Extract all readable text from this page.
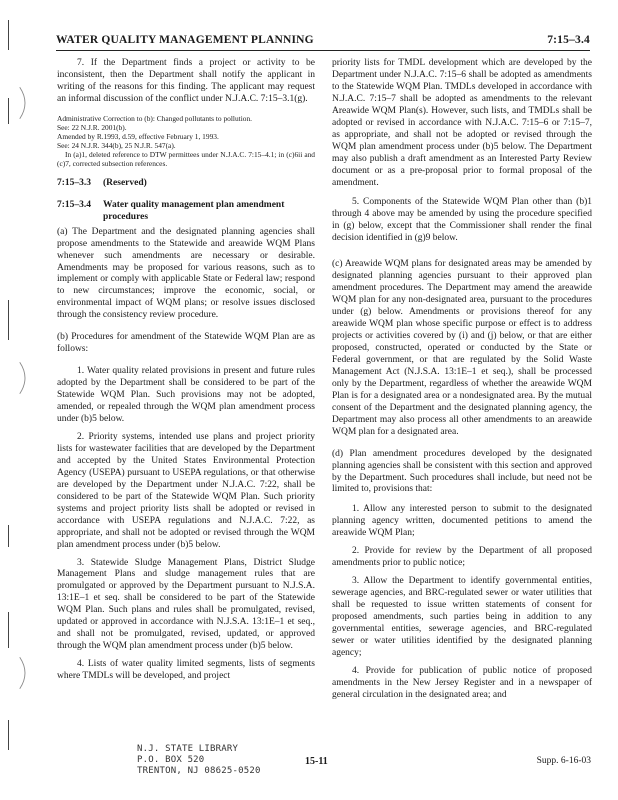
WATER QUALITY MANAGEMENT PLANNING	7:15–3.4

7. If the Department finds a project or activity to be inconsistent, then the Department shall notify the applicant in writing of the reasons for this finding. The applicant may request an informal discussion of the conflict under N.J.A.C. 7:15–3.1(g).

Administrative Correction to (b): Changed pollutants to pollution.

See: 22 N.J.R. 2001(b).

Amended by R.1993, d.59, effective February 1, 1993.

See: 24 N.J.R. 344(b), 25 N.J.R. 547(a).

In (a)1, deleted reference to DTW permittees under N.J.A.C. 7:15–4.1; in (c)6ii and (c)7, corrected subsection references.

7:15–3.3	(Reserved)
7:15–3.4	Water quality management plan amendment procedures

(a) The Department and the designated planning agencies shall propose amendments to the Statewide and areawide WQM Plans whenever such amendments are necessary or desirable. Amendments may be proposed for various reasons, such as to implement or comply with applicable State or Federal law; respond to new circumstances; improve the economic, social, or environmental impact of WQM plans; or resolve issues disclosed through the consistency review procedure.

(b) Procedures for amendment of the Statewide WQM Plan are as follows:

1. Water quality related provisions in present and future rules adopted by the Department shall be considered to be part of the Statewide WQM Plan. Such provisions may not be adopted, amended, or repealed through the WQM plan amendment process under (b)5 below.

2. Priority systems, intended use plans and project priority lists for wastewater facilities that are developed by the Department and accepted by the United States Environmental Protection Agency (USEPA) pursuant to USEPA regulations, or that otherwise are developed by the Department under N.J.A.C. 7:22, shall be considered to be part of the Statewide WQM Plan. Such priority systems and project priority lists shall be adopted or revised in accordance with USEPA regulations and N.J.A.C. 7:22, as appropriate, and shall not be adopted or revised through the WQM plan amendment process under (b)5 below.

3. Statewide Sludge Management Plans, District Sludge Management Plans and sludge management rules that are promulgated or approved by the Department pursuant to N.J.S.A. 13:1E–1 et seq. shall be considered to be part of the Statewide WQM Plan. Such plans and rules shall be promulgated, revised, updated or approved in accordance with N.J.S.A. 13:1E–1 et seq., and shall not be promulgated, revised, updated, or approved through the WQM plan amendment process under (b)5 below.

4. Lists of water quality limited segments, lists of segments where TMDLs will be developed, and project

priority lists for TMDL development which are developed by the Department under N.J.A.C. 7:15–6 shall be adopted as amendments to the Statewide WQM Plan. TMDLs developed in accordance with N.J.A.C. 7:15–7 shall be adopted as amendments to the relevant Areawide WQM Plan(s). However, such lists, and TMDLs shall be adopted or revised in accordance with N.J.A.C. 7:15–6 or 7:15–7, as appropriate, and shall not be adopted or revised through the WQM plan amendment process under (b)5 below. The Department may also publish a draft amendment as an Interested Party Review document or as a pre-proposal prior to formal proposal of the amendment.

5. Components of the Statewide WQM Plan other than (b)1 through 4 above may be amended by using the procedure specified in (g) below, except that the Commissioner shall render the final decision identified in (g)9 below.

(c) Areawide WQM plans for designated areas may be amended by designated planning agencies pursuant to their approved plan amendment procedures. The Department may amend the areawide WQM plan for any non-designated area, pursuant to the procedures under (g) below. Amendments or provisions thereof for any areawide WQM plan whose specific purpose or effect is to address projects or activities covered by (i) and (j) below, or that are either proposed, constructed, operated or conducted by the State or Federal government, or that are regulated by the Solid Waste Management Act (N.J.S.A. 13:1E–1 et seq.), shall be processed only by the Department, regardless of whether the areawide WQM Plan is for a designated area or a nondesignated area. By the mutual consent of the Department and the designated planning agency, the Department may also process all other amendments to an areawide WQM plan for a designated area.

(d) Plan amendment procedures developed by the designated planning agencies shall be consistent with this section and approved by the Department. Such procedures shall include, but need not be limited to, provisions that:

1. Allow any interested person to submit to the designated planning agency written, documented petitions to amend the areawide WQM Plan;

2. Provide for review by the Department of all proposed amendments prior to public notice;

3. Allow the Department to identify governmental entities, sewerage agencies, and BRC-regulated sewer or water utilities that shall be requested to issue written statements of consent for proposed amendments, such parties being in addition to any governmental entities, sewerage agencies, and BRC-regulated sewer or water utilities identified by the designated planning agency;

4. Provide for publication of public notice of proposed amendments in the New Jersey Register and in a newspaper of general circulation in the designated area; and

N.J. STATE LIBRARY
P.O. BOX 520
TRENTON, NJ 08625-0520
15-11	Supp. 6-16-03
